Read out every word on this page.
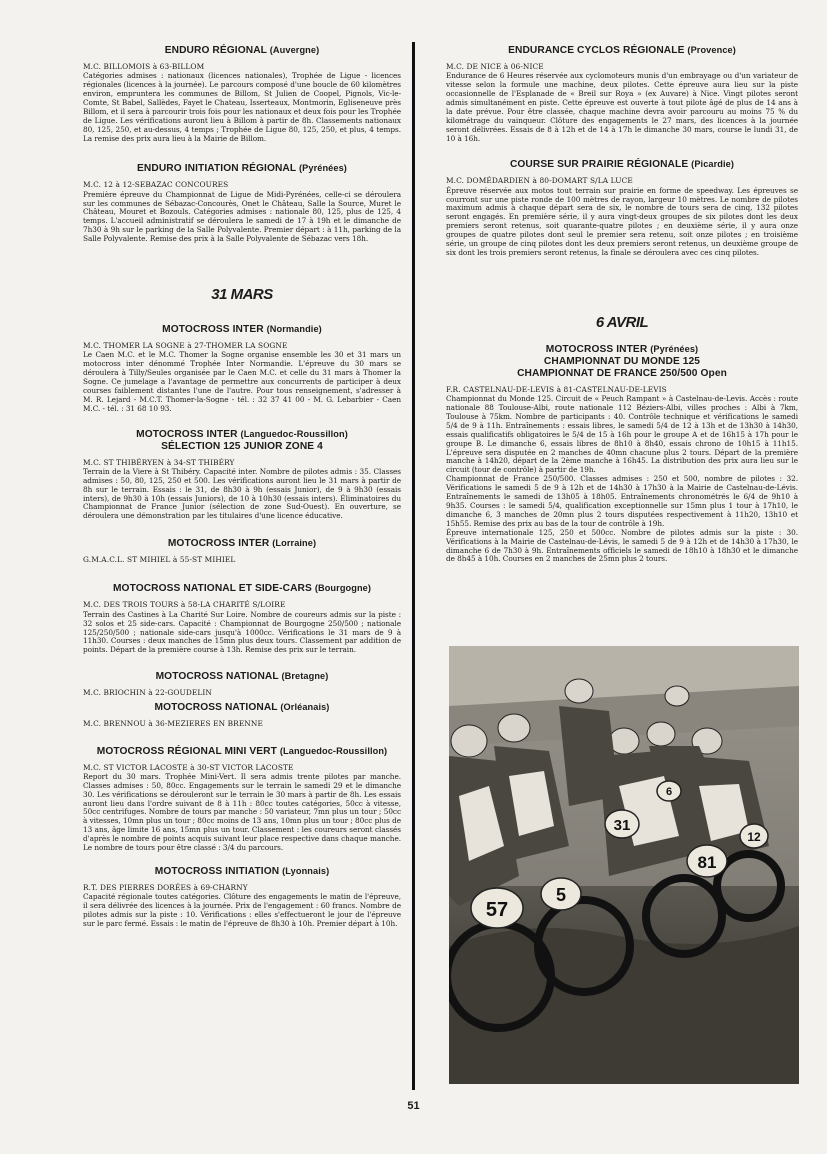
ENDURO RÉGIONAL (Auvergne)
M.C. BILLOMOIS à 63-BILLOM

Catégories admises : nationaux (licences nationales), Trophée de Ligue - licences régionales (licences à la journée). Le parcours composé d'une boucle de 60 kilomètres environ, empruntera les communes de Billom, St Julien de Coopel, Pignols, Vic-le-Comte, St Babel, Sallèdes, Fayet le Chateau, Isserteaux, Montmorin, Egliseneuve près Billom, et il sera à parcourir trois fois pour les nationaux et deux fois pour les Trophée de Ligue. Les vérifications auront lieu à Billom à partir de 8h. Classements nationaux 80, 125, 250, et au-dessus, 4 temps ; Trophée de Ligue 80, 125, 250, et plus, 4 temps. La remise des prix aura lieu à la Mairie de Billom.

ENDURO INITIATION RÉGIONAL (Pyrénées)
M.C. 12 à 12-SEBAZAC CONCOURES

Première épreuve du Championnat de Ligue de Midi-Pyrénées, celle-ci se déroulera sur les communes de Sébazac-Concourès, Onet le Château, Salle la Source, Muret le Château, Mouret et Bozouls. Catégories admises : nationale 80, 125, plus de 125, 4 temps. L'accueil administratif se déroulera le samedi de 17 à 19h et le dimanche de 7h30 à 9h sur le parking de la Salle Polyvalente. Premier départ : à 11h, parking de la Salle Polyvalente. Remise des prix à la Salle Polyvalente de Sébazac vers 18h.

31 MARS
MOTOCROSS INTER (Normandie)
M.C. THOMER LA SOGNE à 27-THOMER LA SOGNE

Le Caen M.C. et le M.C. Thomer la Sogne organise ensemble les 30 et 31 mars un motocross inter dénommé Trophée Inter Normandie. L'épreuve du 30 mars se déroulera à Tilly/Seules organisée par le Caen M.C. et celle du 31 mars à Thomer la Sogne. Ce jumelage a l'avantage de permettre aux concurrents de participer à deux courses faiblement distantes l'une de l'autre. Pour tous renseignement, s'adresser à M. R. Lejard - M.C.T. Thomer-la-Sogne - tél. : 32 37 41 00 - M. G. Lebarbier - Caen M.C. - tél. : 31 68 10 93.

MOTOCROSS INTER (Languedoc-Roussillon)
SÉLECTION 125 JUNIOR ZONE 4
M.C. ST THIBÉRYEN à 34-ST THIBÉRY

Terrain de la Viere à St Thibéry. Capacité inter. Nombre de pilotes admis : 35. Classes admises : 50, 80, 125, 250 et 500. Les vérifications auront lieu le 31 mars à partir de 8h sur le terrain. Essais : le 31, de 8h30 à 9h (essais Junior), de 9 à 9h30 (essais inters), de 9h30 à 10h (essais Juniors), de 10 à 10h30 (essais inters). Éliminatoires du Championnat de France Junior (sélection de zone Sud-Ouest). En ouverture, se déroulera une démonstration par les titulaires d'une licence éducative.

MOTOCROSS INTER (Lorraine)
G.M.A.C.L. ST MIHIEL à 55-ST MIHIEL
MOTOCROSS NATIONAL ET SIDE-CARS (Bourgogne)
M.C. DES TROIS TOURS à 58-LA CHARITÉ S/LOIRE

Terrain des Castines à La Charité Sur Loire. Nombre de coureurs admis sur la piste : 32 solos et 25 side-cars. Capacité : Championnat de Bourgogne 250/500 ; nationale 125/250/500 ; nationale side-cars jusqu'à 1000cc. Vérifications le 31 mars de 9 à 11h30. Courses : deux manches de 15mn plus deux tours. Classement par addition de points. Départ de la première course à 13h. Remise des prix sur le terrain.

MOTOCROSS NATIONAL (Bretagne)
M.C. BRIOCHIN à 22-GOUDELIN
MOTOCROSS NATIONAL (Orléanais)
M.C. BRENNOU à 36-MEZIERES EN BRENNE
MOTOCROSS RÉGIONAL MINI VERT (Languedoc-Roussillon)
M.C. ST VICTOR LACOSTE à 30-ST VICTOR LACOSTE

Report du 30 mars. Trophée Mini-Vert. Il sera admis trente pilotes par manche. Classes admises : 50, 80cc. Engagements sur le terrain le samedi 29 et le dimanche 30. Les vérifications se dérouleront sur le terrain le 30 mars à partir de 8h. Les essais auront lieu dans l'ordre suivant de 8 à 11h : 80cc toutes catégories, 50cc à vitesse, 50cc centrifuges. Nombre de tours par manche : 50 variateur, 7mn plus un tour ; 50cc à vitesses, 10mn plus un tour ; 80cc moins de 13 ans, 10mn plus un tour ; 80cc plus de 13 ans, âge limite 16 ans, 15mn plus un tour. Classement : les coureurs seront classés d'après le nombre de points acquis suivant leur place respective dans chaque manche. Le nombre de tours pour être classé : 3/4 du parcours.

MOTOCROSS INITIATION (Lyonnais)
R.T. DES PIERRES DORÉES à 69-CHARNY

Capacité régionale toutes catégories. Clôture des engagements le matin de l'épreuve, il sera délivrée des licences à la journée. Prix de l'engagement : 60 francs. Nombre de pilotes admis sur la piste : 10. Vérifications : elles s'effectueront le jour de l'épreuve sur le parc fermé. Essais : le matin de l'épreuve de 8h30 à 10h. Premier départ à 10h.

ENDURANCE CYCLOS RÉGIONALE (Provence)
M.C. DE NICE à 06-NICE

Endurance de 6 Heures réservée aux cyclomoteurs munis d'un embrayage ou d'un variateur de vitesse selon la formule une machine, deux pilotes. Cette épreuve aura lieu sur la piste occasionnelle de l'Esplanade de « Breil sur Roya » (ex Auvare) à Nice. Vingt pilotes seront admis simultanément en piste. Cette épreuve est ouverte à tout pilote âgé de plus de 14 ans à la date prévue. Pour être classée, chaque machine devra avoir parcouru au moins 75 % du kilométrage du vainqueur. Clôture des engagements le 27 mars, des licences à la journée seront délivrées. Essais de 8 à 12h et de 14 à 17h le dimanche 30 mars, course le lundi 31, de 10 à 16h.

COURSE SUR PRAIRIE RÉGIONALE (Picardie)
M.C. DOMÉDARDIEN à 80-DOMART S/LA LUCE

Épreuve réservée aux motos tout terrain sur prairie en forme de speedway. Les épreuves se courront sur une piste ronde de 100 mètres de rayon, largeur 10 mètres. Le nombre de pilotes maximum admis à chaque départ sera de six, le nombre de tours sera de cinq, 132 pilotes seront engagés. En première série, il y aura vingt-deux groupes de six pilotes dont les deux premiers seront retenus, soit quarante-quatre pilotes ; en deuxième série, il y aura onze groupes de quatre pilotes dont seul le premier sera retenu, soit onze pilotes ; en troisième série, un groupe de cinq pilotes dont les deux premiers seront retenus, un deuxième groupe de six dont les trois premiers seront retenus, la finale se déroulera avec ces cinq pilotes.

6 AVRIL
MOTOCROSS INTER (Pyrénées)
CHAMPIONNAT DU MONDE 125
CHAMPIONNAT DE FRANCE 250/500 Open
F.R. CASTELNAU-DE-LEVIS à 81-CASTELNAU-DE-LEVIS

Championnat du Monde 125. Circuit de « Peuch Rampant » à Castelnau-de-Levis. Accès : route nationale 88 Toulouse-Albi, route nationale 112 Béziers-Albi, villes proches : Albi à 7km, Toulouse à 75km. Nombre de participants : 40. Contrôle technique et vérifications le samedi 5/4 de 9 à 11h. Entraînements : essais libres, le samedi 5/4 de 12 à 13h et de 13h30 à 14h30, essais qualificatifs obligatoires le 5/4 de 15 à 16h pour le groupe A et de 16h15 à 17h pour le groupe B. Le dimanche 6, essais libres de 8h10 à 8h40, essais chrono de 10h15 à 11h15. L'épreuve sera disputée en 2 manches de 40mn chacune plus 2 tours. Départ de la première manche à 14h20, départ de la 2ème manche à 16h45. La distribution des prix aura lieu sur le circuit (tour de contrôle) à partir de 19h.

Championnat de France 250/500. Classes admises : 250 et 500, nombre de pilotes : 32. Vérifications le samedi 5 de 9 à 12h et de 14h30 à 17h30 à la Mairie de Castelnau-de-Lévis. Entraînements le samedi de 13h05 à 18h05. Entraînements chronométrés le 6/4 de 9h10 à 9h35. Courses : le samedi 5/4, qualification exceptionnelle sur 15mn plus 1 tour à 17h10, le dimanche 6, 3 manches de 20mn plus 2 tours disputées respectivement à 11h20, 13h10 et 15h55. Remise des prix au bas de la tour de contrôle à 19h.

Épreuve internationale 125, 250 et 500cc. Nombre de pilotes admis sur la piste : 30. Vérifications à la Mairie de Castelnau-de-Lévis, le samedi 5 de 9 à 12h et de 14h30 à 17h30, le dimanche 6 de 7h30 à 9h. Entraînements officiels le samedi de 18h10 à 18h30 et le dimanche de 8h45 à 10h. Courses en 2 manches de 25mn plus 2 tours.

57
5
31
81
12
6
51
